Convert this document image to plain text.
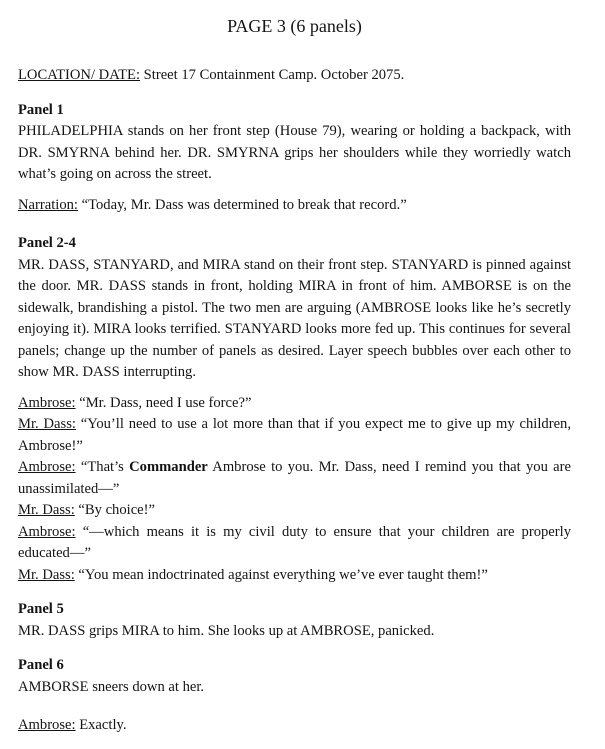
PAGE 3 (6 panels)

LOCATION/ DATE: Street 17 Containment Camp. October 2075.

Panel 1

PHILADELPHIA stands on her front step (House 79), wearing or holding a backpack, with DR. SMYRNA behind her. DR. SMYRNA grips her shoulders while they worriedly watch what’s going on across the street.

Narration: “Today, Mr. Dass was determined to break that record.”

Panel 2-4

MR. DASS, STANYARD, and MIRA stand on their front step. STANYARD is pinned against the door. MR. DASS stands in front, holding MIRA in front of him. AMBORSE is on the sidewalk, brandishing a pistol. The two men are arguing (AMBROSE looks like he’s secretly enjoying it). MIRA looks terrified. STANYARD looks more fed up. This continues for several panels; change up the number of panels as desired. Layer speech bubbles over each other to show MR. DASS interrupting.

Ambrose: “Mr. Dass, need I use force?”

Mr. Dass: “You’ll need to use a lot more than that if you expect me to give up my children, Ambrose!”

Ambrose: “That’s Commander Ambrose to you. Mr. Dass, need I remind you that you are unassimilated—”

Mr. Dass: “By choice!”

Ambrose: “—which means it is my civil duty to ensure that your children are properly educated—”

Mr. Dass: “You mean indoctrinated against everything we’ve ever taught them!”

Panel 5

MR. DASS grips MIRA to him. She looks up at AMBROSE, panicked.

Panel 6

AMBORSE sneers down at her.

Ambrose: Exactly.
